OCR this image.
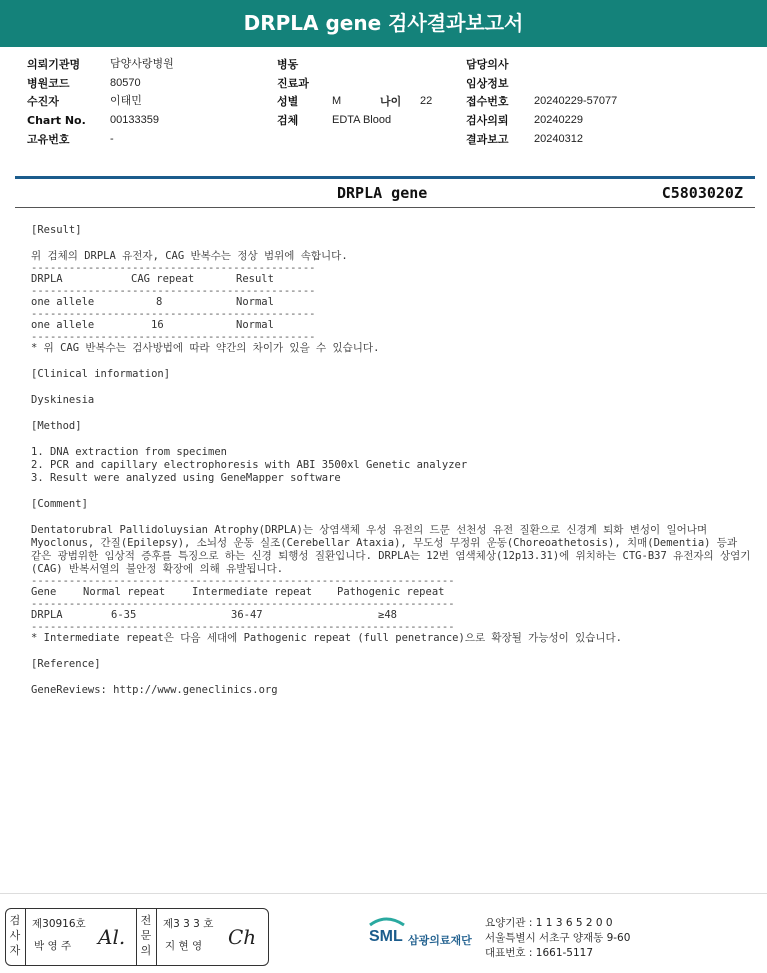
DRPLA gene 검사결과보고서
의뢰기관명	담양사랑병원
병원코드	80570
수진자	이태민
Chart No.	00133359
고유번호	-
병동
진료과
성별	M	나이	22
검체	EDTA Blood
담당의사
임상정보
접수번호	20240229-57077
검사의뢰	20240229
결과보고	20240312
DRPLA gene	C5803020Z
[Result]
위 검체의 DRPLA 유전자, CAG 반복수는 정상 범위에 속합니다.
---------------------------------------------
DRPLA	CAG repeat	Result
---------------------------------------------
one allele	8	Normal
---------------------------------------------
one allele	16	Normal
---------------------------------------------
* 위 CAG 반복수는 검사방법에 따라 약간의 차이가 있을 수 있습니다.
[Clinical information]
Dyskinesia
[Method]
1. DNA extraction from specimen
2. PCR and capillary electrophoresis with ABI 3500xl Genetic analyzer
3. Result were analyzed using GeneMapper software
[Comment]
Dentatorubral Pallidoluysian Atrophy(DRPLA)는 상염색체 우성 유전의 드문 선천성 유전 질환으로 신경계 퇴화 변성이 일어나며 Myoclonus, 간질(Epilepsy), 소뇌성 운동 실조(Cerebellar Ataxia), 무도성 무정위 운동(Choreoathetosis), 치매(Dementia) 등과 같은 광범위한 임상적 증후를 특징으로 하는 신경 퇴행성 질환입니다. DRPLA는 12번 염색체상(12p13.31)에 위치하는 CTG-B37 유전자의 상염기(CAG) 반복서열의 불안정 확장에 의해 유발됩니다.
-------------------------------------------------------------------
Gene	Normal repeat	Intermediate repeat	Pathogenic repeat
-------------------------------------------------------------------
DRPLA	6-35	36-47	≥48
-------------------------------------------------------------------
* Intermediate repeat은 다음 세대에 Pathogenic repeat (full penetrance)으로 확장될 가능성이 있습니다.
[Reference]
GeneReviews: http://www.geneclinics.org
검사자
제30916호
박 영 주 Al.
전문의
제3 3 3 호
지 현 영 Ch	SML 삼광의료재단
요양기관 : 1 1 3 6 5 2 0 0
서울특별시 서초구 양재동 9-60
대표번호 : 1661-5117
